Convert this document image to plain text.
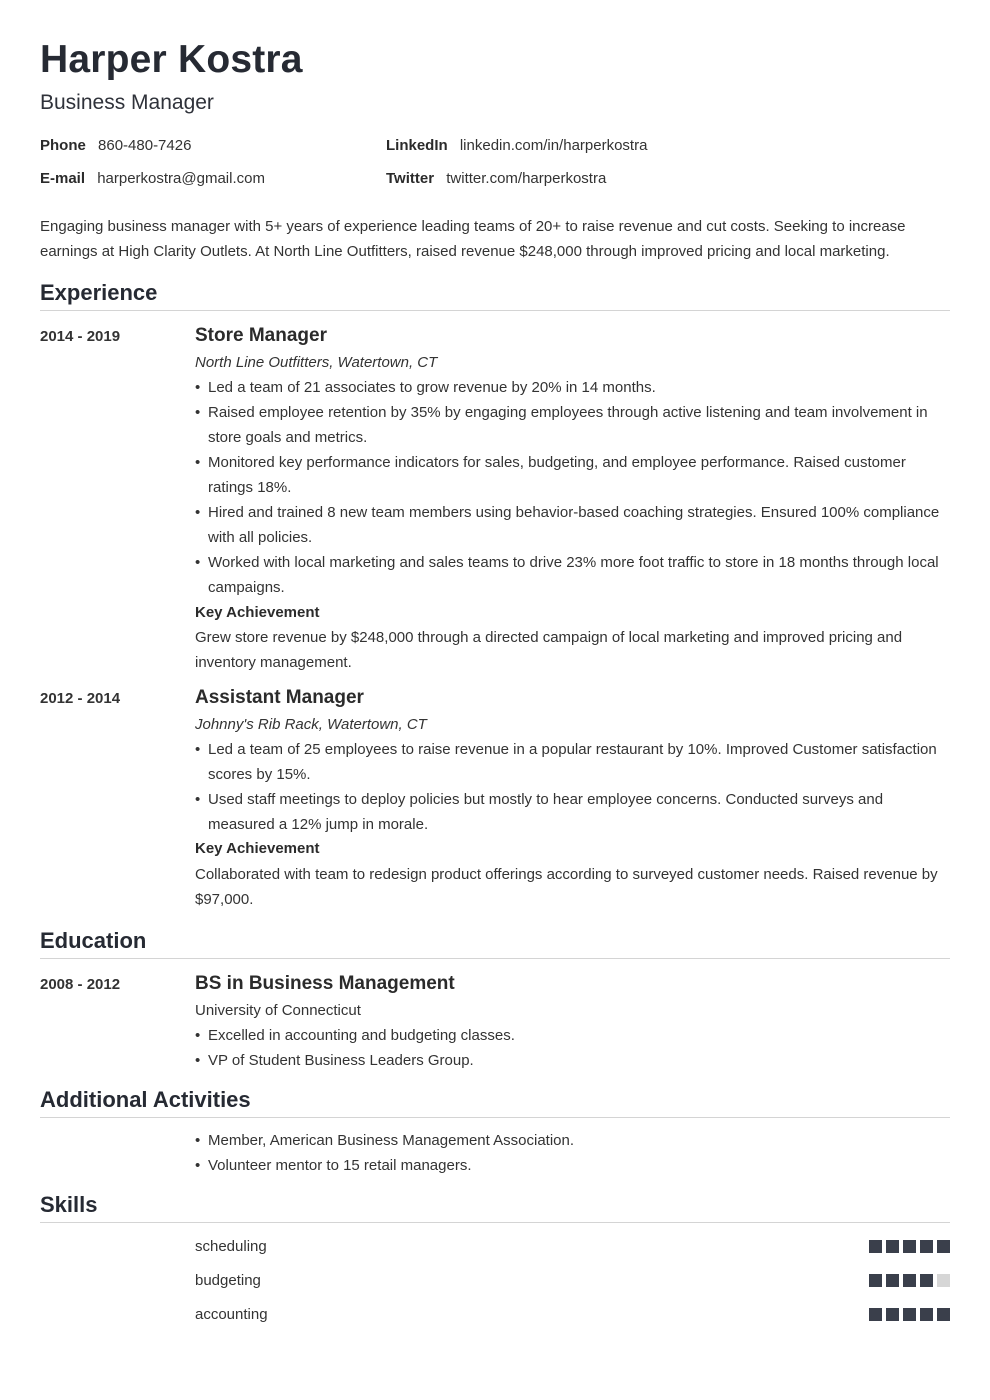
Harper Kostra
Business Manager
Phone 860-480-7426	LinkedIn linkedin.com/in/harperkostra
E-mail harperkostra@gmail.com	Twitter twitter.com/harperkostra
Engaging business manager with 5+ years of experience leading teams of 20+ to raise revenue and cut costs. Seeking to increase earnings at High Clarity Outlets. At North Line Outfitters, raised revenue $248,000 through improved pricing and local marketing.
Experience
2014 - 2019	Store Manager
North Line Outfitters, Watertown, CT
• Led a team of 21 associates to grow revenue by 20% in 14 months.
• Raised employee retention by 35% by engaging employees through active listening and team involvement in store goals and metrics.
• Monitored key performance indicators for sales, budgeting, and employee performance. Raised customer ratings 18%.
• Hired and trained 8 new team members using behavior-based coaching strategies. Ensured 100% compliance with all policies.
• Worked with local marketing and sales teams to drive 23% more foot traffic to store in 18 months through local campaigns.
Key Achievement
Grew store revenue by $248,000 through a directed campaign of local marketing and improved pricing and inventory management.
2012 - 2014	Assistant Manager
Johnny's Rib Rack, Watertown, CT
• Led a team of 25 employees to raise revenue in a popular restaurant by 10%. Improved Customer satisfaction scores by 15%.
• Used staff meetings to deploy policies but mostly to hear employee concerns. Conducted surveys and measured a 12% jump in morale.
Key Achievement
Collaborated with team to redesign product offerings according to surveyed customer needs. Raised revenue by $97,000.
Education
2008 - 2012	BS in Business Management
University of Connecticut
• Excelled in accounting and budgeting classes.
• VP of Student Business Leaders Group.
Additional Activities
• Member, American Business Management Association.
• Volunteer mentor to 15 retail managers.
Skills
scheduling
budgeting
accounting
